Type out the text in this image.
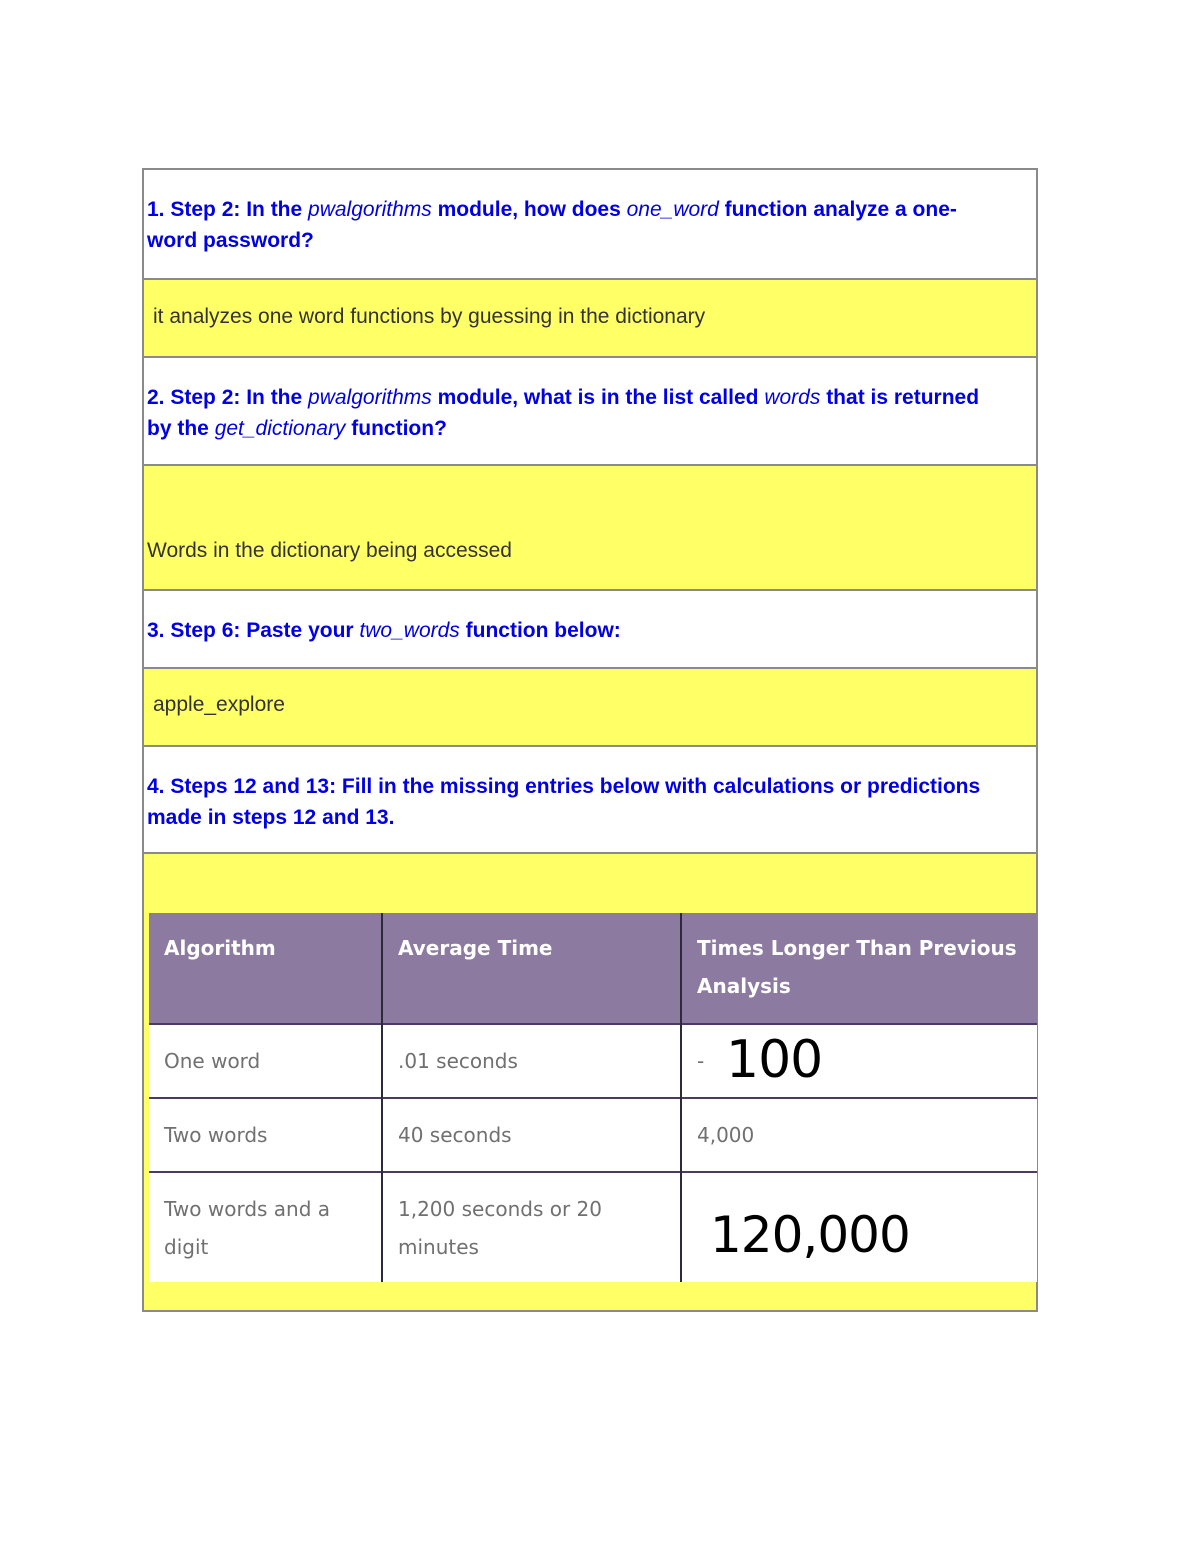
1. Step 2: In the pwalgorithms module, how does one_word function analyze a one-word password?
it analyzes one word functions by guessing in the dictionary
2. Step 2: In the pwalgorithms module, what is in the list called words that is returned by the get_dictionary function?
Words in the dictionary being accessed
3. Step 6: Paste your two_words function below:
apple_explore
4. Steps 12 and 13: Fill in the missing entries below with calculations or predictions made in steps 12 and 13.
Algorithm	Average Time	Times Longer Than Previous Analysis
One word	.01 seconds	- 100

Two words	40 seconds	4,000
Two words and a digit	1,200 seconds or 20 minutes	120,000
